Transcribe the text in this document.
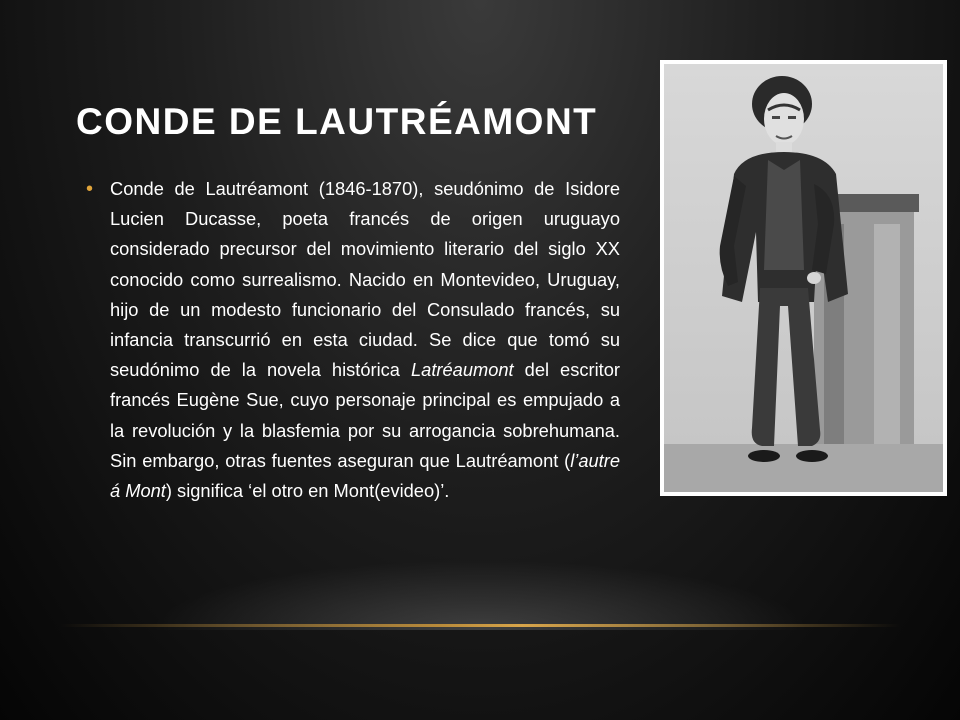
CONDE DE LAUTRÉAMONT
• Conde de Lautréamont (1846-1870), seudónimo de Isidore Lucien Ducasse, poeta francés de origen uruguayo considerado precursor del movimiento literario del siglo XX conocido como surrealismo. Nacido en Montevideo, Uruguay, hijo de un modesto funcionario del Consulado francés, su infancia transcurrió en esta ciudad. Se dice que tomó su seudónimo de la novela histórica Latréaumont del escritor francés Eugène Sue, cuyo personaje principal es empujado a la revolución y la blasfemia por su arrogancia sobrehumana. Sin embargo, otras fuentes aseguran que Lautréamont (l’autre á Mont) significa ‘el otro en Mont(evideo)’.
